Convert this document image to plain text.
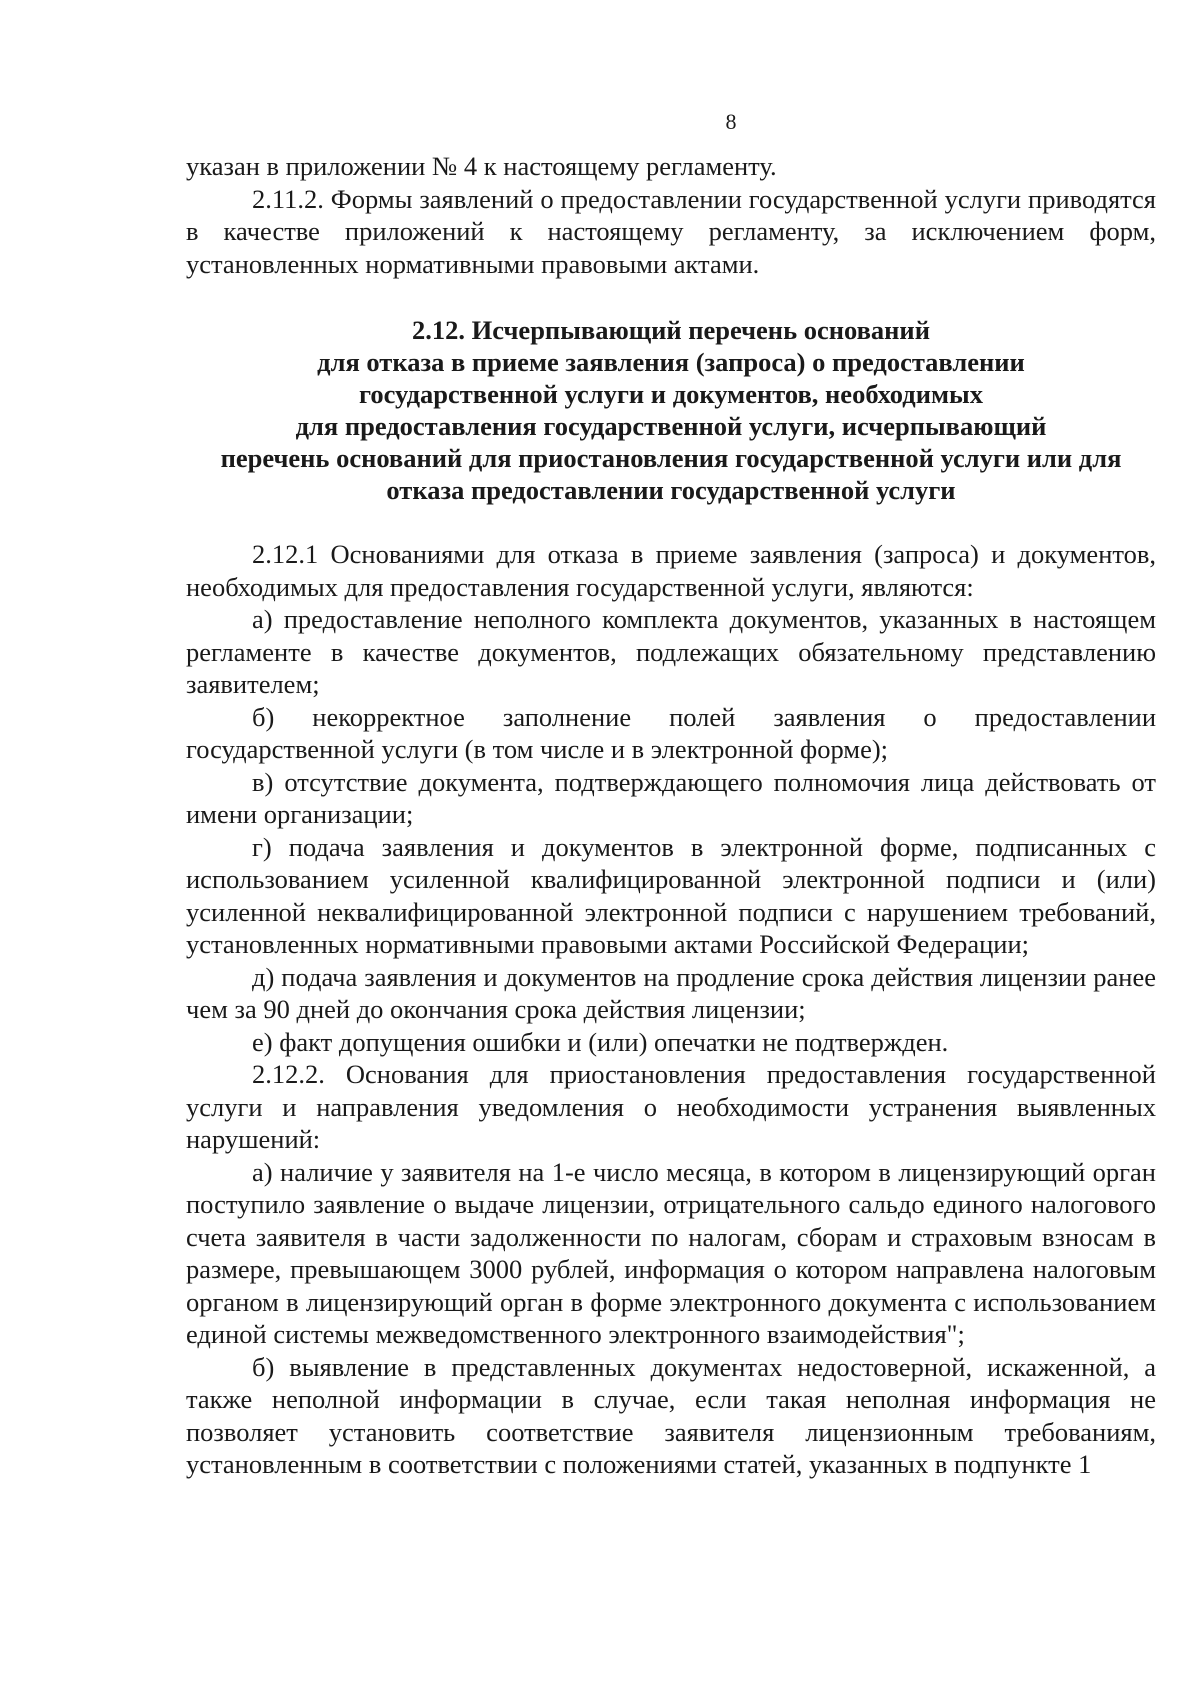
8

указан в приложении № 4 к настоящему регламенту.

2.11.2. Формы заявлений о предоставлении государственной услуги приводятся в качестве приложений к настоящему регламенту, за исключением форм, установленных нормативными правовыми актами.

2.12. Исчерпывающий перечень оснований
для отказа в приеме заявления (запроса) о предоставлении
государственной услуги и документов, необходимых
для предоставления государственной услуги, исчерпывающий
перечень оснований для приостановления государственной услуги или для
отказа предоставлении государственной услуги

2.12.1 Основаниями для отказа в приеме заявления (запроса) и документов, необходимых для предоставления государственной услуги, являются:

а) предоставление неполного комплекта документов, указанных в настоящем регламенте в качестве документов, подлежащих обязательному представлению заявителем;

б) некорректное заполнение полей заявления о предоставлении государственной услуги (в том числе и в электронной форме);

в) отсутствие документа, подтверждающего полномочия лица действовать от имени организации;

г) подача заявления и документов в электронной форме, подписанных с использованием усиленной квалифицированной электронной подписи и (или) усиленной неквалифицированной электронной подписи с нарушением требований, установленных нормативными правовыми актами Российской Федерации;

д) подача заявления и документов на продление срока действия лицензии ранее чем за 90 дней до окончания срока действия лицензии;

е) факт допущения ошибки и (или) опечатки не подтвержден.

2.12.2. Основания для приостановления предоставления государственной услуги и направления уведомления о необходимости устранения выявленных нарушений:

а) наличие у заявителя на 1-е число месяца, в котором в лицензирующий орган поступило заявление о выдаче лицензии, отрицательного сальдо единого налогового счета заявителя в части задолженности по налогам, сборам и страховым взносам в размере, превышающем 3000 рублей, информация о котором направлена налоговым органом в лицензирующий орган в форме электронного документа с использованием единой системы межведомственного электронного взаимодействия";

б) выявление в представленных документах недостоверной, искаженной, а также неполной информации в случае, если такая неполная информация не позволяет установить соответствие заявителя лицензионным требованиям, установленным в соответствии с положениями статей, указанных в подпункте 1
